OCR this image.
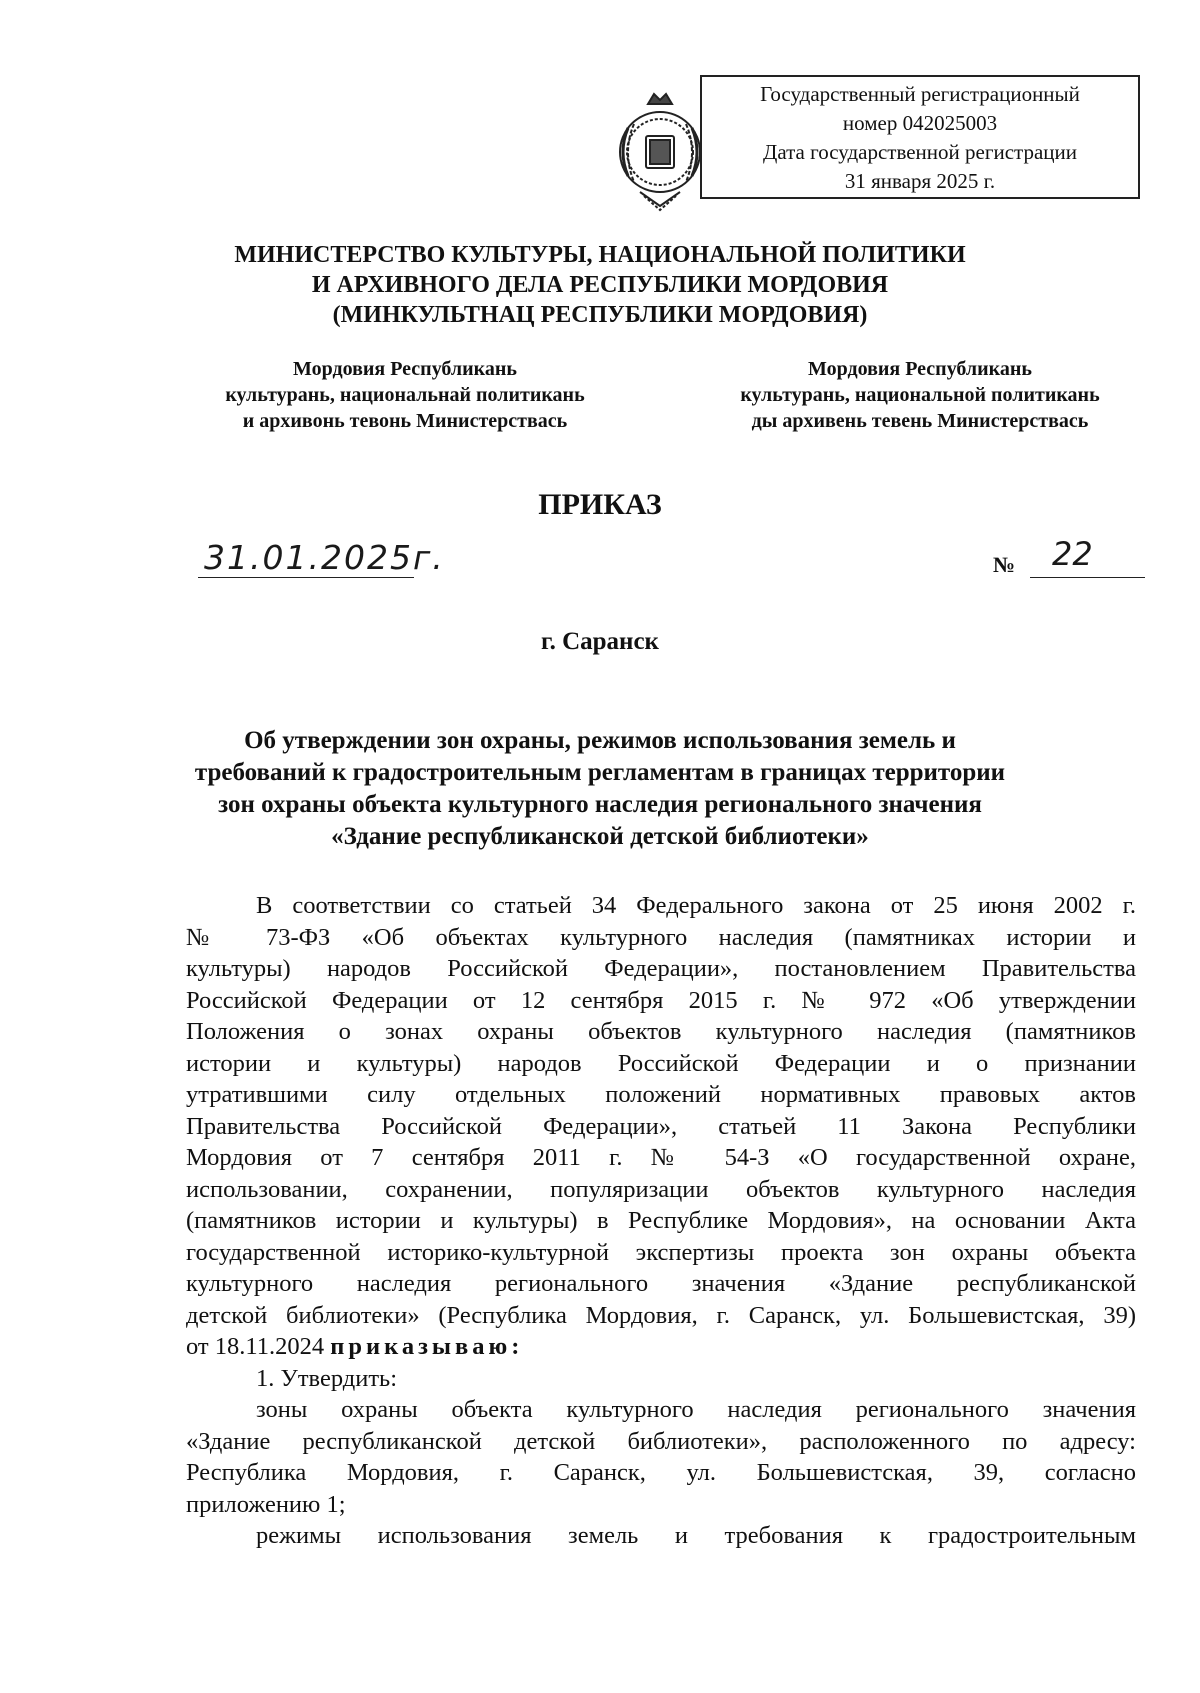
Государственный регистрационный
номер 042025003
Дата государственной регистрации
31 января 2025 г.
МИНИСТЕРСТВО КУЛЬТУРЫ, НАЦИОНАЛЬНОЙ ПОЛИТИКИ
И АРХИВНОГО ДЕЛА РЕСПУБЛИКИ МОРДОВИЯ
(МИНКУЛЬТНАЦ РЕСПУБЛИКИ МОРДОВИЯ)
Мордовия Республикань
культурань, национальнай политикань
и архивонь тевонь Министерствась
Мордовия Республикань
культурань, национальной политикань
ды архивень тевень Министерствась
ПРИКАЗ
31.01.2025г.	№ 22
г. Саранск
Об утверждении зон охраны, режимов использования земель и
требований к градостроительным регламентам в границах территории
зон охраны объекта культурного наследия регионального значения
«Здание республиканской детской библиотеки»
В соответствии со статьей 34 Федерального закона от 25 июня 2002 г.
№ 73-ФЗ «Об объектах культурного наследия (памятниках истории и
культуры) народов Российской Федерации», постановлением Правительства
Российской Федерации от 12 сентября 2015 г. № 972 «Об утверждении
Положения о зонах охраны объектов культурного наследия (памятников
истории и культуры) народов Российской Федерации и о признании
утратившими силу отдельных положений нормативных правовых актов
Правительства Российской Федерации», статьей 11 Закона Республики
Мордовия от 7 сентября 2011 г. № 54-З «О государственной охране,
использовании, сохранении, популяризации объектов культурного наследия
(памятников истории и культуры) в Республике Мордовия», на основании Акта
государственной историко-культурной экспертизы проекта зон охраны объекта
культурного наследия регионального значения «Здание республиканской
детской библиотеки» (Республика Мордовия, г. Саранск, ул. Большевистская, 39)
от 18.11.2024 приказываю:
1. Утвердить:
зоны охраны объекта культурного наследия регионального значения
«Здание республиканской детской библиотеки», расположенного по адресу:
Республика Мордовия, г. Саранск, ул. Большевистская, 39, согласно
приложению 1;
режимы использования земель и требования к градостроительным
